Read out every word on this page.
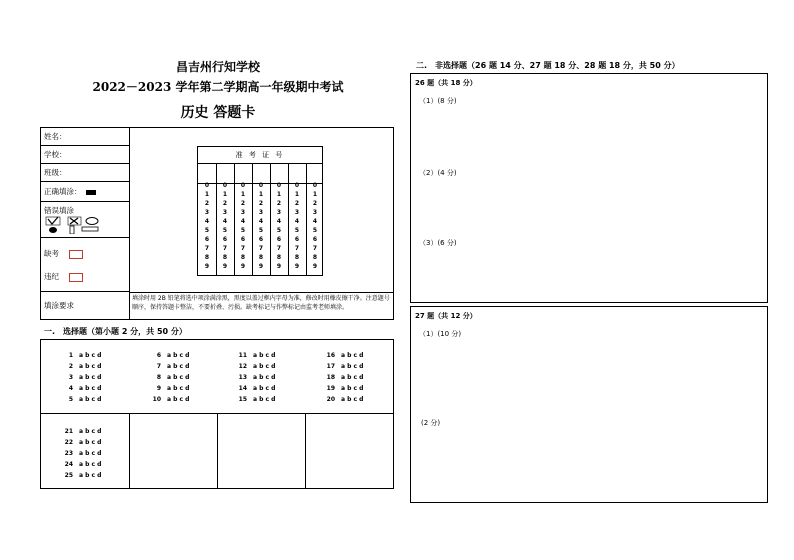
昌吉州行知学校
2022－2023 学年第二学期高一年级期中考试
历史 答题卡
姓名：
学校：
班级：
正确填涂：
错误填涂
缺考
违纪
填涂要求
填涂时用 2B 铅笔将选中项涂满涂黑，黑度以盖过框内字母为准，修改时用橡皮擦干净。注意题号顺序，保持答题卡整洁，不要折叠、污损。缺考标记与作弊标记由监考老师填涂。
准 考 证 号
0
1
2
3
4
5
6
7
8
9
0
1
2
3
4
5
6
7
8
9
0
1
2
3
4
5
6
7
8
9
0
1
2
3
4
5
6
7
8
9
0
1
2
3
4
5
6
7
8
9
0
1
2
3
4
5
6
7
8
9
0
1
2
3
4
5
6
7
8
9
一.　选择题（第小题 2 分，共 50 分）
1 a b c d
2 a b c d
3 a b c d
4 a b c d
5 a b c d
6 a b c d
7 a b c d
8 a b c d
9 a b c d
10 a b c d
11 a b c d
12 a b c d
13 a b c d
14 a b c d
15 a b c d
16 a b c d
17 a b c d
18 a b c d
19 a b c d
20 a b c d
21 a b c d
22 a b c d
23 a b c d
24 a b c d
25 a b c d
二.　非选择题（26 题 14 分、27 题 18 分、28 题 18 分，共 50 分）
26 题（共 18 分）
（1）(8 分)
（2）(4 分)
（3）(6 分)
27 题（共 12 分）
（1）(10 分)
(2 分)
